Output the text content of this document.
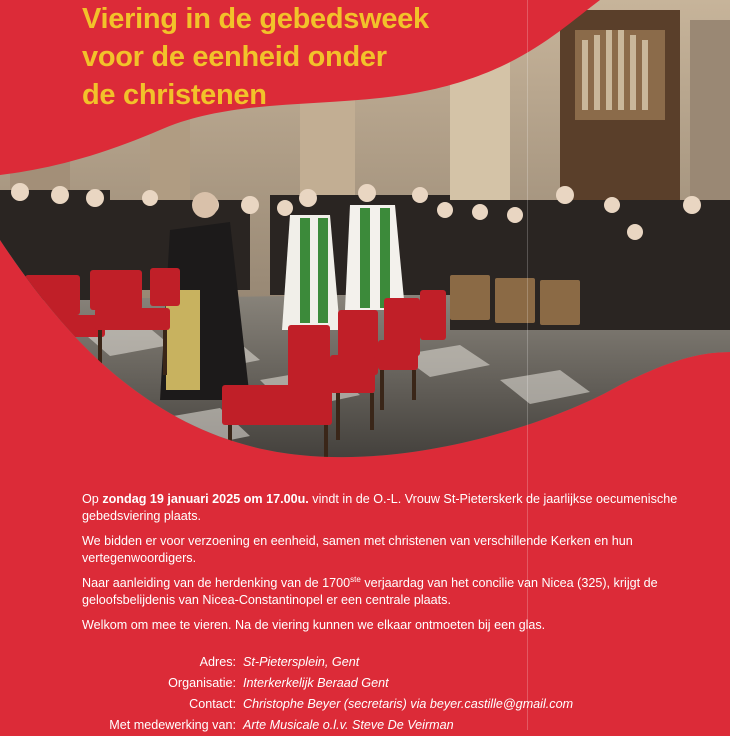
Viering in de gebedsweek
voor de eenheid onder
de christenen

Op zondag 19 januari 2025 om 17.00u. vindt in de O.-L. Vrouw St-Pieterskerk de jaarlijkse oecumenische gebedsviering plaats.

We bidden er voor verzoening en eenheid, samen met christenen van verschillende Kerken en hun vertegenwoordigers.

Naar aanleiding van de herdenking van de 1700ste verjaardag van het concilie van Nicea (325), krijgt de geloofsbelijdenis van Nicea-Constantinopel er een centrale plaats.

Welkom om mee te vieren. Na de viering kunnen we elkaar ontmoeten bij een glas.

Adres: St-Pietersplein, Gent
Organisatie: Interkerkelijk Beraad Gent
Contact: Christophe Beyer (secretaris) via beyer.castille@gmail.com
Met medewerking van: Arte Musicale o.l.v. Steve De Veirman
